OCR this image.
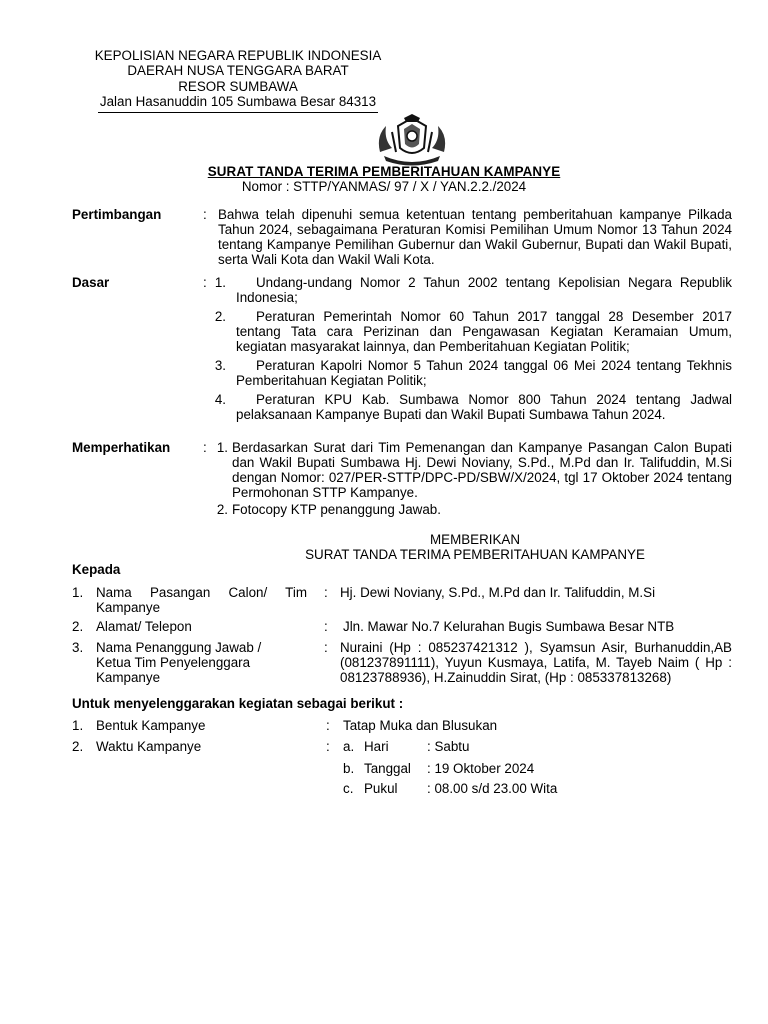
KEPOLISIAN NEGARA REPUBLIK INDONESIA
DAERAH NUSA TENGGARA BARAT
RESOR SUMBAWA
Jalan Hasanuddin 105 Sumbawa Besar 84313
SURAT TANDA TERIMA PEMBERITAHUAN KAMPANYE
Nomor : STTP/YANMAS/ 97 / X / YAN.2.2./2024
Pertimbangan	: Bahwa telah dipenuhi semua ketentuan tentang pemberitahuan kampanye Pilkada Tahun 2024, sebagaimana Peraturan Komisi Pemilihan Umum Nomor 13 Tahun 2024 tentang Kampanye Pemilihan Gubernur dan Wakil Gubernur, Bupati dan Wakil Bupati, serta Wali Kota dan Wakil Wali Kota.
Dasar	: 1.	Undang-undang Nomor 2 Tahun 2002 tentang Kepolisian Negara Republik Indonesia;
2.	Peraturan Pemerintah Nomor 60 Tahun 2017 tanggal 28 Desember 2017 tentang Tata cara Perizinan dan Pengawasan Kegiatan Keramaian Umum, kegiatan masyarakat lainnya, dan Pemberitahuan Kegiatan Politik;
3.	Peraturan Kapolri Nomor 5 Tahun 2024 tanggal 06 Mei 2024 tentang Tekhnis Pemberitahuan Kegiatan Politik;
4.	Peraturan KPU Kab. Sumbawa Nomor 800 Tahun 2024 tentang Jadwal pelaksanaan Kampanye Bupati dan Wakil Bupati Sumbawa Tahun 2024.
Memperhatikan : 1. Berdasarkan Surat dari Tim Pemenangan dan Kampanye Pasangan Calon Bupati dan Wakil Bupati Sumbawa Hj. Dewi Noviany, S.Pd., M.Pd dan Ir. Talifuddin, M.Si dengan Nomor: 027/PER-STTP/DPC-PD/SBW/X/2024, tgl 17 Oktober 2024 tentang Permohonan STTP Kampanye.
2. Fotocopy KTP penanggung Jawab.
MEMBERIKAN
SURAT TANDA TERIMA PEMBERITAHUAN KAMPANYE
Kepada
1. Nama Pasangan Calon/ Tim Kampanye
: Hj. Dewi Noviany, S.Pd., M.Pd dan Ir. Talifuddin, M.Si
2. Alamat/ Telepon	: Jln. Mawar No.7 Kelurahan Bugis Sumbawa Besar NTB
3. Nama Penanggung Jawab / Ketua Tim Penyelenggara Kampanye
: Nuraini (Hp : 085237421312 ), Syamsun Asir, Burhanuddin,AB (081237891111), Yuyun Kusmaya, Latifa, M. Tayeb Naim ( Hp : 08123788936), H.Zainuddin Sirat, (Hp : 085337813268)
Untuk menyelenggarakan kegiatan sebagai berikut :
1. Bentuk Kampanye	: Tatap Muka dan Blusukan
2. Waktu Kampanye	: a. Hari	: Sabtu
b. Tanggal : 19 Oktober 2024
c. Pukul : 08.00 s/d 23.00 Wita
